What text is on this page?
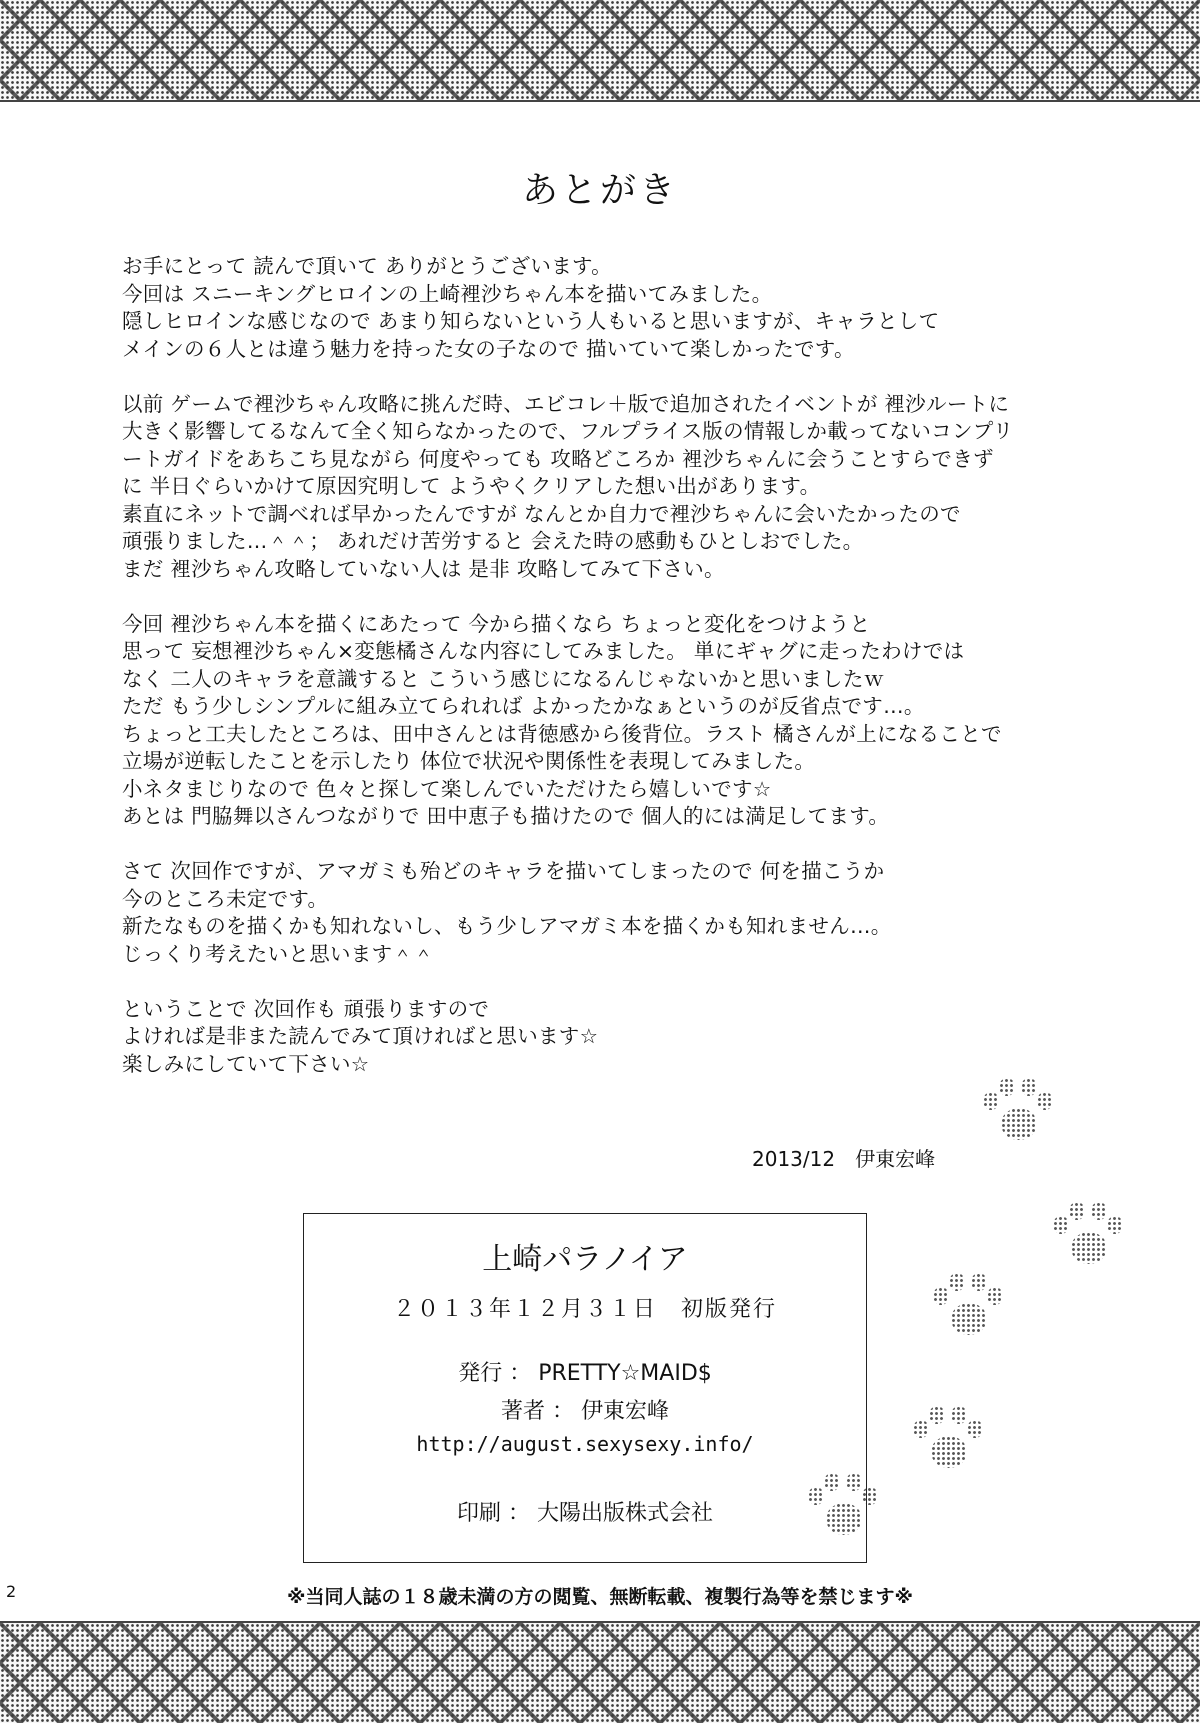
あとがき
お手にとって 読んで頂いて ありがとうございます。
今回は スニーキングヒロインの上崎裡沙ちゃん本を描いてみました。
隠しヒロインな感じなので あまり知らないという人もいると思いますが、キャラとして
メインの６人とは違う魅力を持った女の子なので 描いていて楽しかったです。
以前 ゲームで裡沙ちゃん攻略に挑んだ時、エビコレ＋版で追加されたイベントが 裡沙ルートに
大きく影響してるなんて全く知らなかったので、フルプライス版の情報しか載ってないコンプリ
ートガイドをあちこち見ながら 何度やっても 攻略どころか 裡沙ちゃんに会うことすらできず
に 半日ぐらいかけて原因究明して ようやくクリアした想い出があります。
素直にネットで調べれば早かったんですが なんとか自力で裡沙ちゃんに会いたかったので
頑張りました…＾＾； あれだけ苦労すると 会えた時の感動もひとしおでした。
まだ 裡沙ちゃん攻略していない人は 是非 攻略してみて下さい。
今回 裡沙ちゃん本を描くにあたって 今から描くなら ちょっと変化をつけようと
思って 妄想裡沙ちゃん×変態橘さんな内容にしてみました。 単にギャグに走ったわけでは
なく 二人のキャラを意識すると こういう感じになるんじゃないかと思いましたｗ
ただ もう少しシンプルに組み立てられれば よかったかなぁというのが反省点です…。
ちょっと工夫したところは、田中さんとは背徳感から後背位。ラスト 橘さんが上になることで
立場が逆転したことを示したり 体位で状況や関係性を表現してみました。
小ネタまじりなので 色々と探して楽しんでいただけたら嬉しいです☆
あとは 門脇舞以さんつながりで 田中恵子も描けたので 個人的には満足してます。
さて 次回作ですが、アマガミも殆どのキャラを描いてしまったので 何を描こうか
今のところ未定です。
新たなものを描くかも知れないし、もう少しアマガミ本を描くかも知れません…。
じっくり考えたいと思います＾＾
ということで 次回作も 頑張りますので
よければ是非また読んでみて頂ければと思います☆
楽しみにしていて下さい☆
2013/12　伊東宏峰
上崎パラノイア
２０１３年１２月３１日　初版発行
発行 ： PRETTY☆MAID$
著者 ： 伊東宏峰
http://august.sexysexy.info/
印刷 ： 大陽出版株式会社
2	※当同人誌の１８歳未満の方の閲覧、無断転載、複製行為等を禁じます※
